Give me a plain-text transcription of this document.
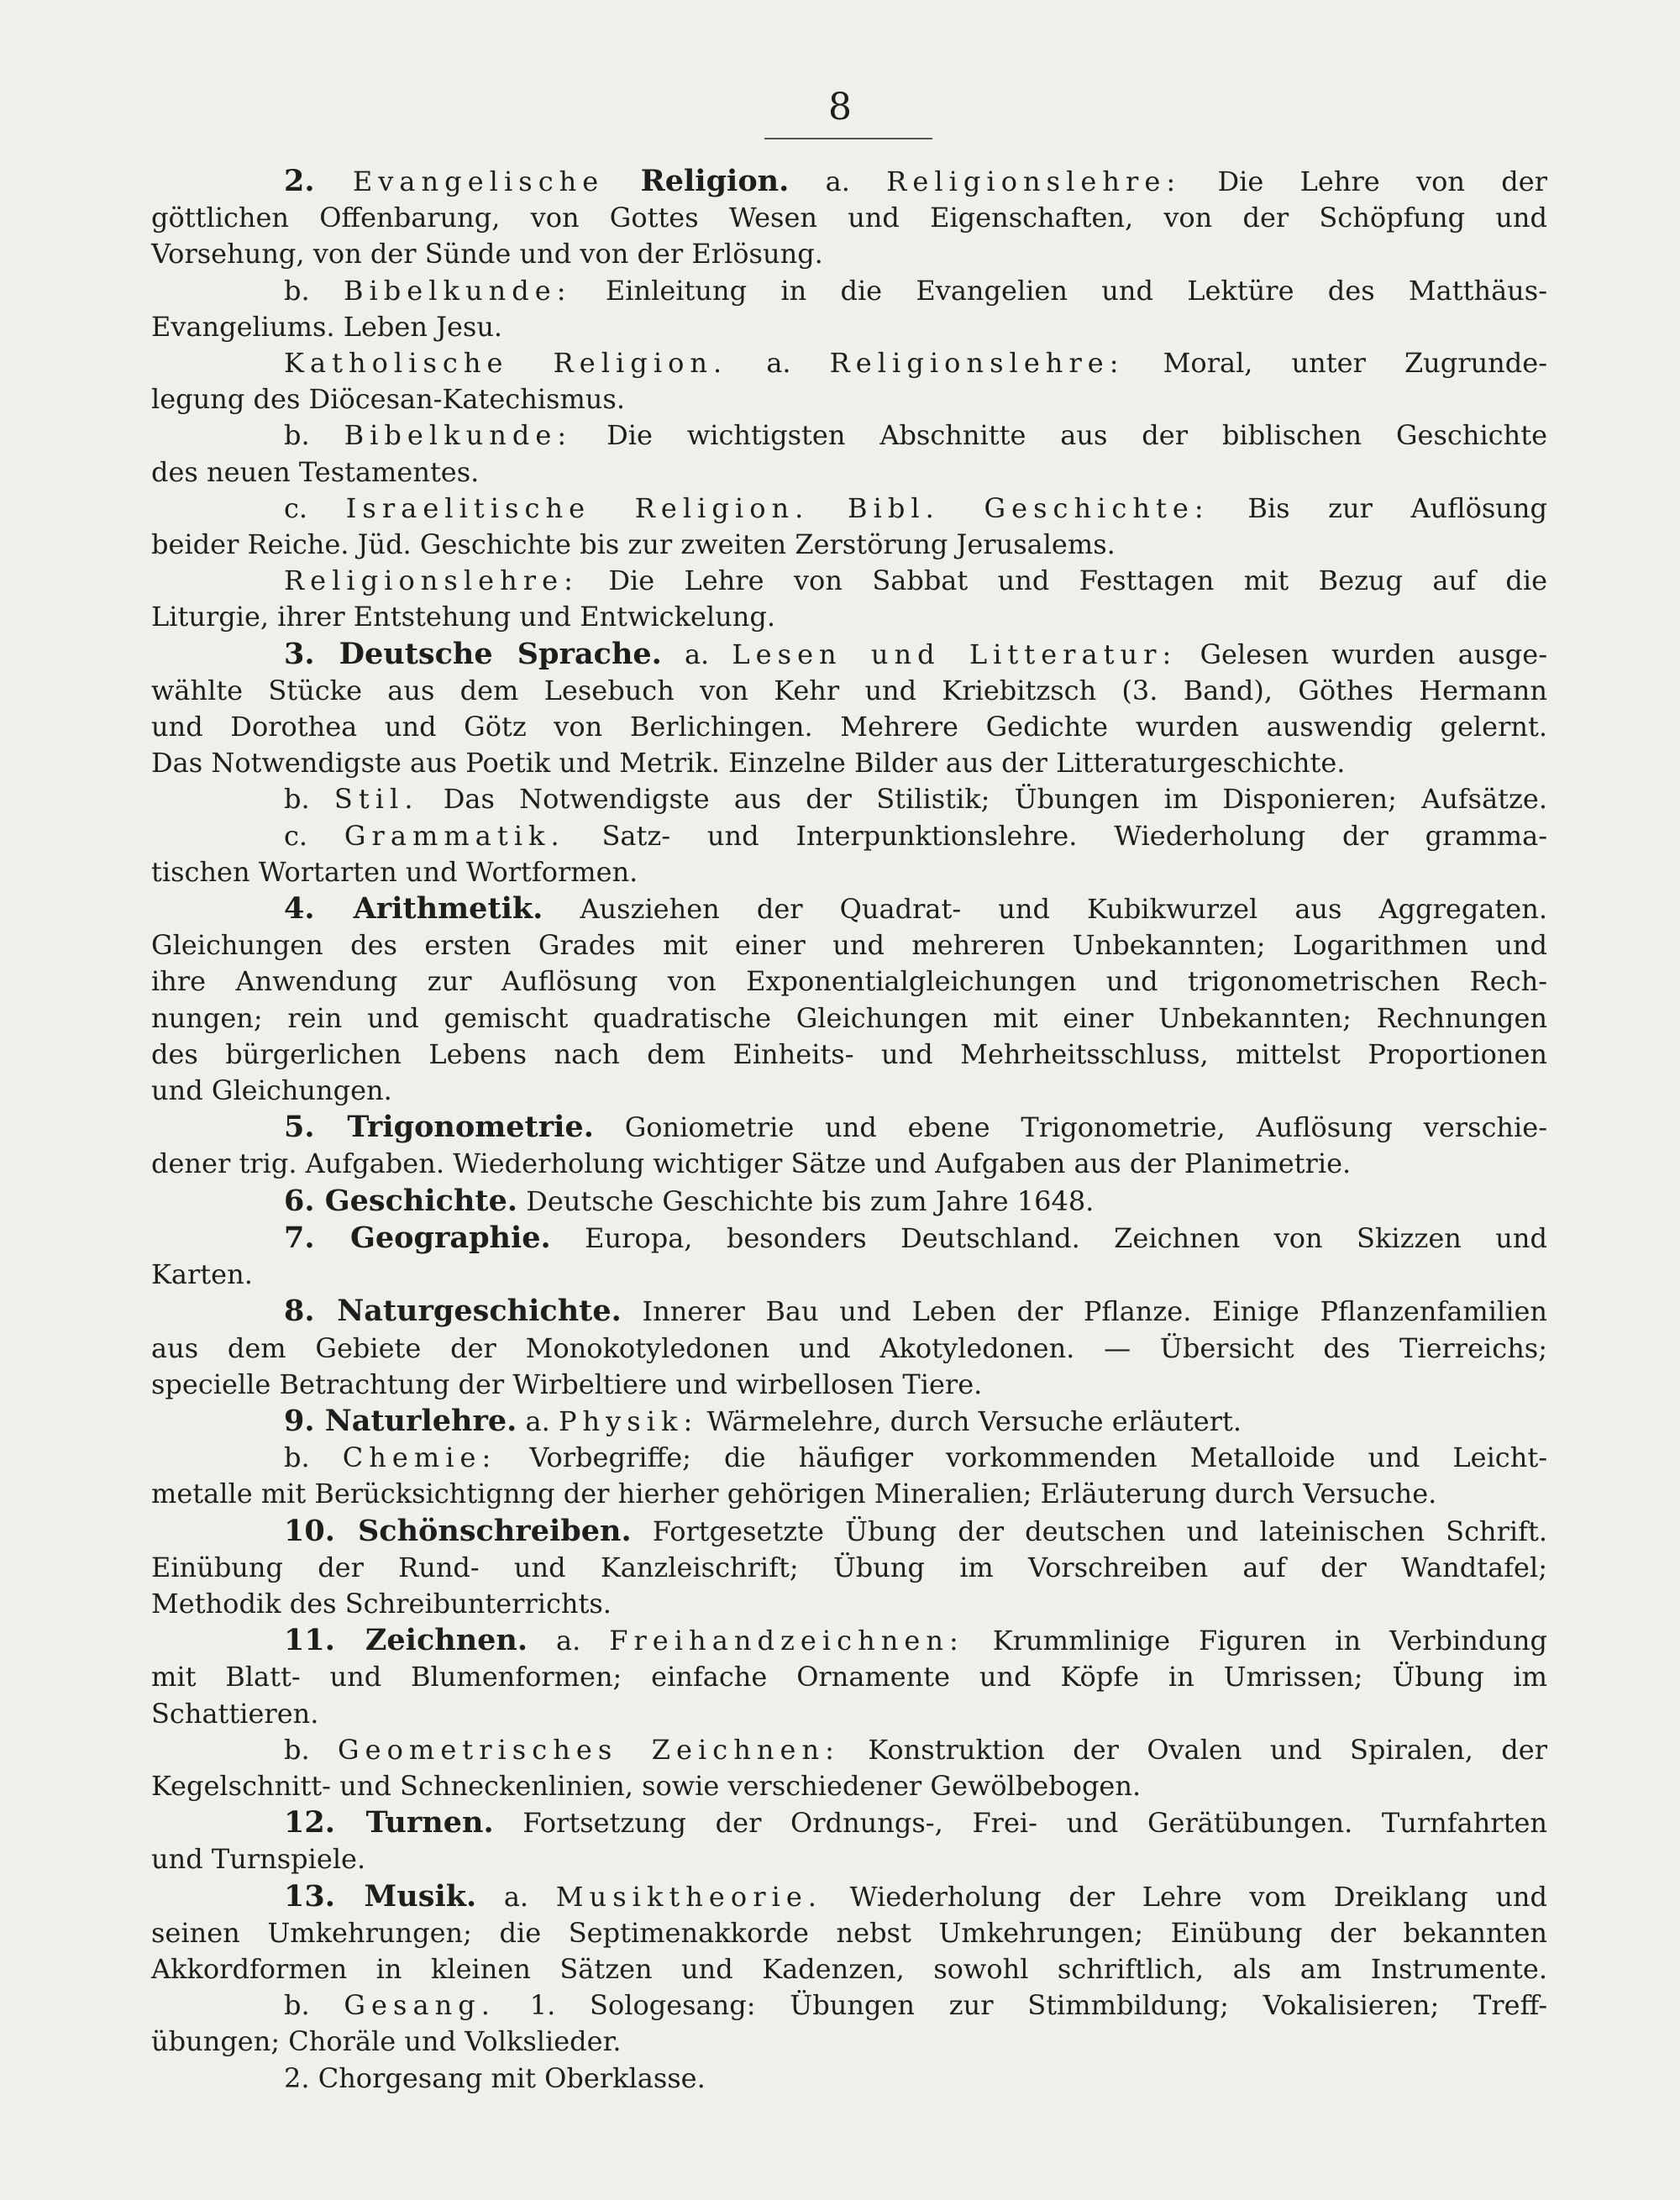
8

2. Evangelische Religion. a. Religionslehre: Die Lehre von der

göttlichen Offenbarung, von Gottes Wesen und Eigenschaften, von der Schöpfung und

Vorsehung, von der Sünde und von der Erlösung.

b. Bibelkunde: Einleitung in die Evangelien und Lektüre des Matthäus-

Evangeliums. Leben Jesu.

Katholische Religion. a. Religionslehre: Moral, unter Zugrunde-

legung des Diöcesan-Katechismus.

b. Bibelkunde: Die wichtigsten Abschnitte aus der biblischen Geschichte

des neuen Testamentes.

c. Israelitische Religion. Bibl. Geschichte: Bis zur Auflösung

beider Reiche. Jüd. Geschichte bis zur zweiten Zerstörung Jerusalems.

Religionslehre: Die Lehre von Sabbat und Festtagen mit Bezug auf die

Liturgie, ihrer Entstehung und Entwickelung.

3. Deutsche Sprache. a. Lesen und Litteratur: Gelesen wurden ausge-

wählte Stücke aus dem Lesebuch von Kehr und Kriebitzsch (3. Band), Göthes Hermann

und Dorothea und Götz von Berlichingen. Mehrere Gedichte wurden auswendig gelernt.

Das Notwendigste aus Poetik und Metrik. Einzelne Bilder aus der Litteraturgeschichte.

b. Stil. Das Notwendigste aus der Stilistik; Übungen im Disponieren; Aufsätze.

c. Grammatik. Satz- und Interpunktionslehre. Wiederholung der gramma-

tischen Wortarten und Wortformen.

4. Arithmetik. Ausziehen der Quadrat- und Kubikwurzel aus Aggregaten.

Gleichungen des ersten Grades mit einer und mehreren Unbekannten; Logarithmen und

ihre Anwendung zur Auflösung von Exponentialgleichungen und trigonometrischen Rech-

nungen; rein und gemischt quadratische Gleichungen mit einer Unbekannten; Rechnungen

des bürgerlichen Lebens nach dem Einheits- und Mehrheitsschluss, mittelst Proportionen

und Gleichungen.

5. Trigonometrie. Goniometrie und ebene Trigonometrie, Auflösung verschie-

dener trig. Aufgaben. Wiederholung wichtiger Sätze und Aufgaben aus der Planimetrie.

6. Geschichte. Deutsche Geschichte bis zum Jahre 1648.

7. Geographie. Europa, besonders Deutschland. Zeichnen von Skizzen und

Karten.

8. Naturgeschichte. Innerer Bau und Leben der Pflanze. Einige Pflanzenfamilien

aus dem Gebiete der Monokotyledonen und Akotyledonen. — Übersicht des Tierreichs;

specielle Betrachtung der Wirbeltiere und wirbellosen Tiere.

9. Naturlehre. a. Physik: Wärmelehre, durch Versuche erläutert.

b. Chemie: Vorbegriffe; die häufiger vorkommenden Metalloide und Leicht-

metalle mit Berücksichtignng der hierher gehörigen Mineralien; Erläuterung durch Versuche.

10. Schönschreiben. Fortgesetzte Übung der deutschen und lateinischen Schrift.

Einübung der Rund- und Kanzleischrift; Übung im Vorschreiben auf der Wandtafel;

Methodik des Schreibunterrichts.

11. Zeichnen. a. Freihandzeichnen: Krummlinige Figuren in Verbindung

mit Blatt- und Blumenformen; einfache Ornamente und Köpfe in Umrissen; Übung im

Schattieren.

b. Geometrisches Zeichnen: Konstruktion der Ovalen und Spiralen, der

Kegelschnitt- und Schneckenlinien, sowie verschiedener Gewölbebogen.

12. Turnen. Fortsetzung der Ordnungs-, Frei- und Gerätübungen. Turnfahrten

und Turnspiele.

13. Musik. a. Musiktheorie. Wiederholung der Lehre vom Dreiklang und

seinen Umkehrungen; die Septimenakkorde nebst Umkehrungen; Einübung der bekannten

Akkordformen in kleinen Sätzen und Kadenzen, sowohl schriftlich, als am Instrumente.

b. Gesang. 1. Sologesang: Übungen zur Stimmbildung; Vokalisieren; Treff-

übungen; Choräle und Volkslieder.

2. Chorgesang mit Oberklasse.
